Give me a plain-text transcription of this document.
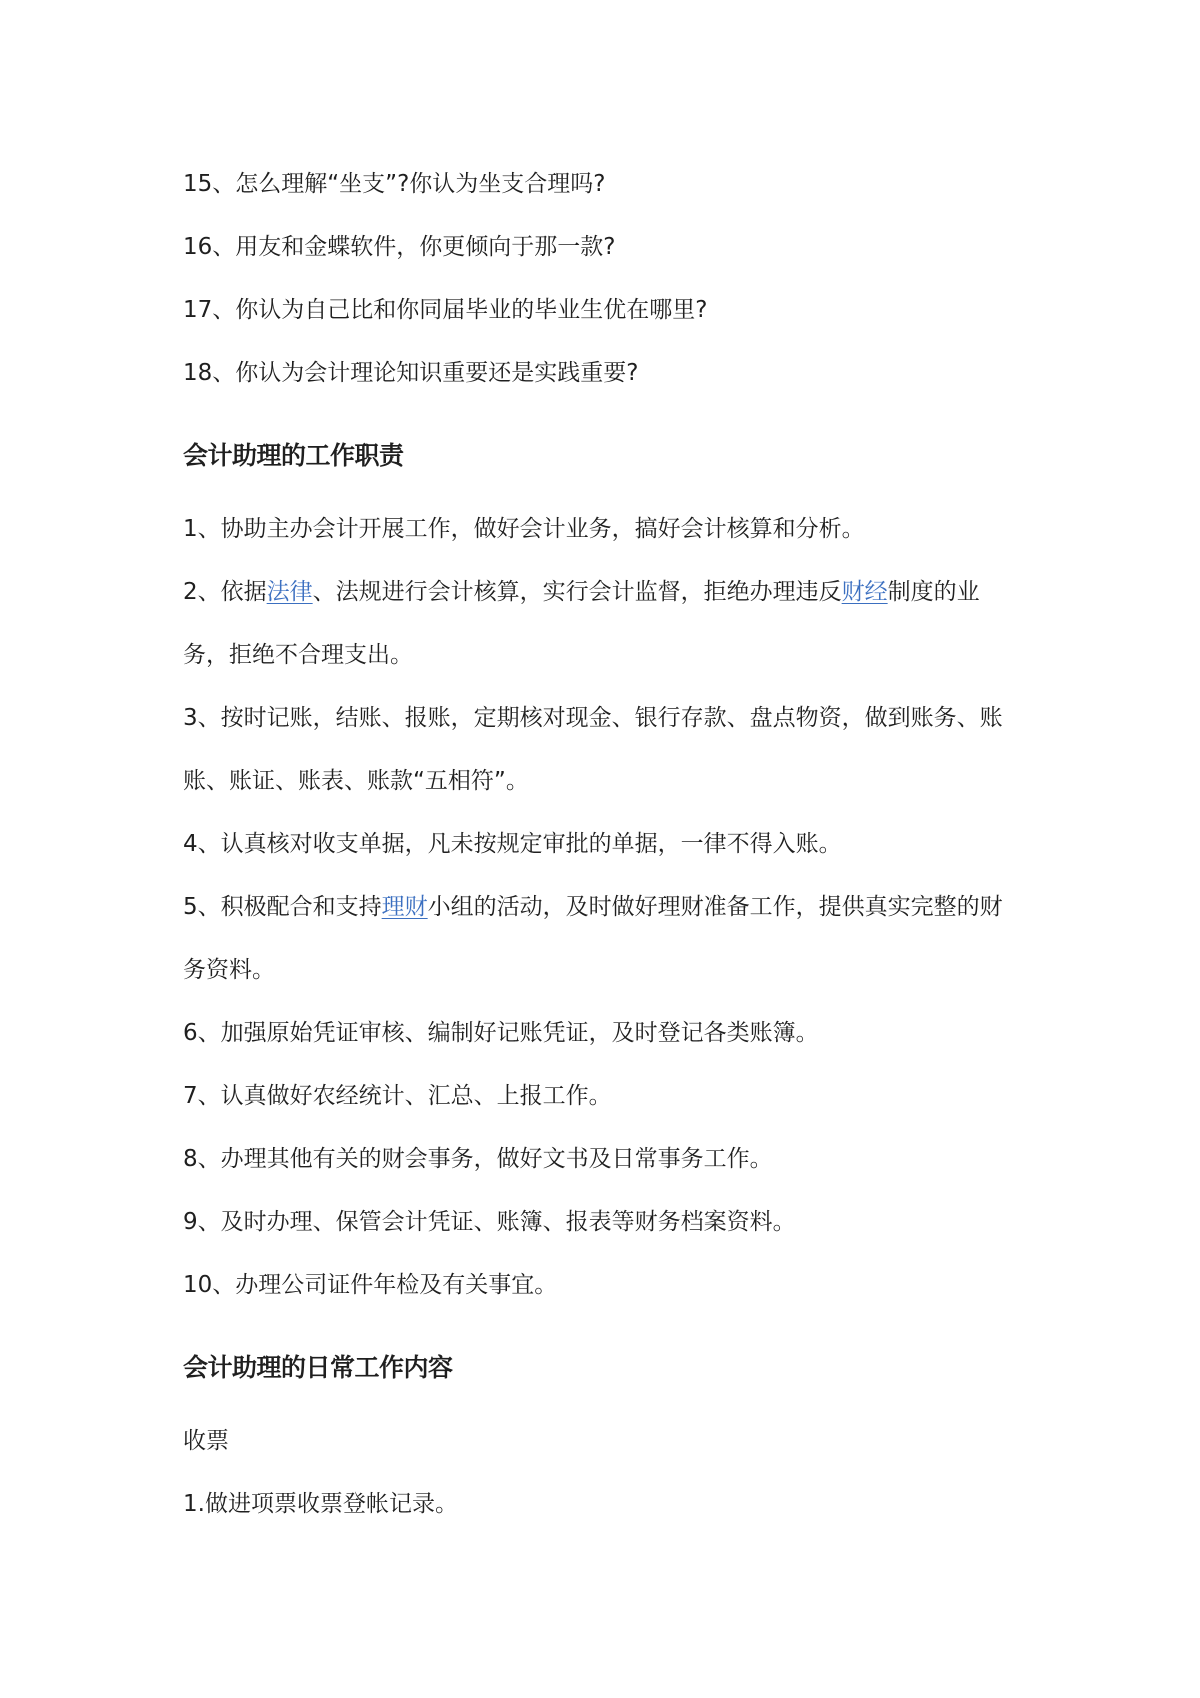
15、怎么理解“坐支”?你认为坐支合理吗?

16、用友和金蝶软件，你更倾向于那一款?

17、你认为自己比和你同届毕业的毕业生优在哪里?

18、你认为会计理论知识重要还是实践重要?

会计助理的工作职责

1、协助主办会计开展工作，做好会计业务，搞好会计核算和分析。

2、依据法律、法规进行会计核算，实行会计监督，拒绝办理违反财经制度的业务，拒绝不合理支出。

3、按时记账，结账、报账，定期核对现金、银行存款、盘点物资，做到账务、账账、账证、账表、账款“五相符”。

4、认真核对收支单据，凡未按规定审批的单据，一律不得入账。

5、积极配合和支持理财小组的活动，及时做好理财准备工作，提供真实完整的财务资料。

6、加强原始凭证审核、编制好记账凭证，及时登记各类账簿。

7、认真做好农经统计、汇总、上报工作。

8、办理其他有关的财会事务，做好文书及日常事务工作。

9、及时办理、保管会计凭证、账簿、报表等财务档案资料。

10、办理公司证件年检及有关事宜。

会计助理的日常工作内容

收票

1.做进项票收票登帐记录。
